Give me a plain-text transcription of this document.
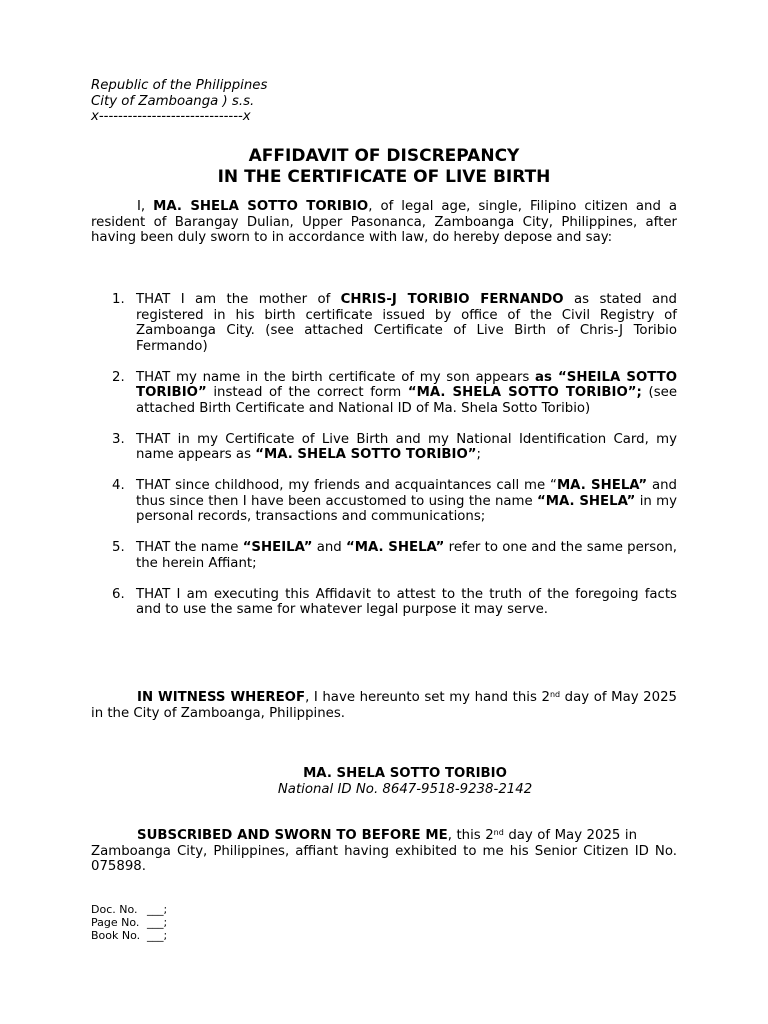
Republic of the Philippines
City of Zamboanga ) s.s.
x------------------------------x
AFFIDAVIT OF DISCREPANCY
IN THE CERTIFICATE OF LIVE BIRTH
I, MA. SHELA SOTTO TORIBIO, of legal age, single, Filipino citizen and a resident of Barangay Dulian, Upper Pasonanca, Zamboanga City, Philippines, after having been duly sworn to in accordance with law, do hereby depose and say:
1. THAT I am the mother of CHRIS-J TORIBIO FERNANDO as stated and registered in his birth certificate issued by office of the Civil Registry of Zamboanga City. (see attached Certificate of Live Birth of Chris-J Toribio Fermando)
2. THAT my name in the birth certificate of my son appears as “SHEILA SOTTO TORIBIO” instead of the correct form “MA. SHELA SOTTO TORIBIO”; (see attached Birth Certificate and National ID of Ma. Shela Sotto Toribio)
3. THAT in my Certificate of Live Birth and my National Identification Card, my name appears as “MA. SHELA SOTTO TORIBIO”;
4. THAT since childhood, my friends and acquaintances call me “MA. SHELA” and thus since then I have been accustomed to using the name “MA. SHELA” in my personal records, transactions and communications;
5. THAT the name “SHEILA” and “MA. SHELA” refer to one and the same person, the herein Affiant;
6. THAT I am executing this Affidavit to attest to the truth of the foregoing facts and to use the same for whatever legal purpose it may serve.
IN WITNESS WHEREOF, I have hereunto set my hand this 2nd day of May 2025 in the City of Zamboanga, Philippines.
MA. SHELA SOTTO TORIBIO
National ID No. 8647-9518-9238-2142
SUBSCRIBED AND SWORN TO BEFORE ME, this 2nd day of May 2025 inZamboanga City, Philippines, affiant having exhibited to me his Senior Citizen ID No. 075898.
Doc. No. ___;
Page No. ___;
Book No. ___;
